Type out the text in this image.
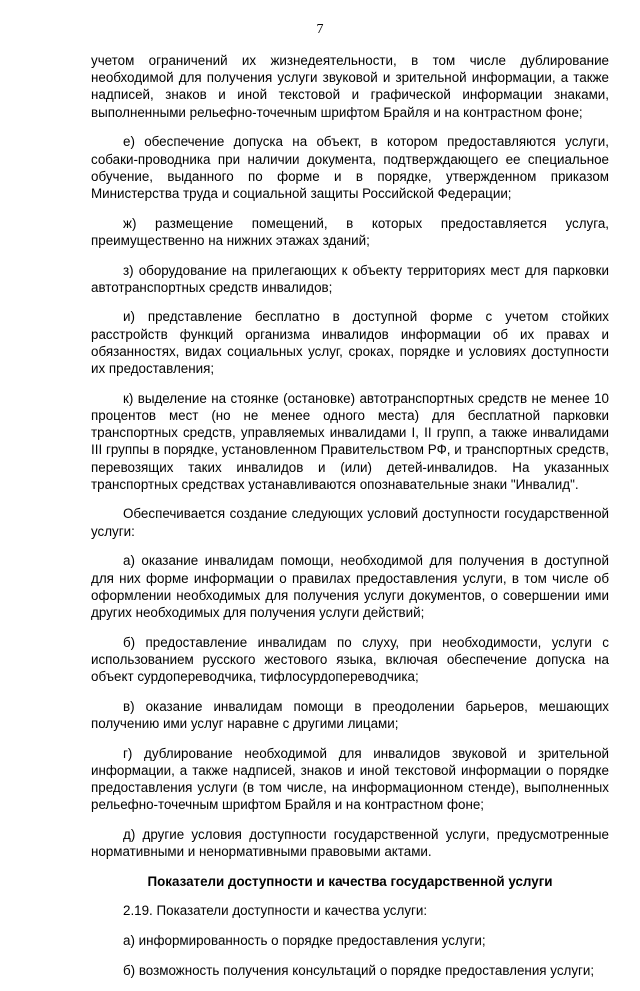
7

учетом ограничений их жизнедеятельности, в том числе дублирование необходимой для получения услуги звуковой и зрительной информации, а также надписей, знаков и иной текстовой и графической информации знаками, выполненными рельефно-точечным шрифтом Брайля и на контрастном фоне;

е) обеспечение допуска на объект, в котором предоставляются услуги, собаки-проводника при наличии документа, подтверждающего ее специальное обучение, выданного по форме и в порядке, утвержденном приказом Министерства труда и социальной защиты Российской Федерации;

ж) размещение помещений, в которых предоставляется услуга, преимущественно на нижних этажах зданий;

з) оборудование на прилегающих к объекту территориях мест для парковки автотранспортных средств инвалидов;

и) представление бесплатно в доступной форме с учетом стойких расстройств функций организма инвалидов информации об их правах и обязанностях, видах социальных услуг, сроках, порядке и условиях доступности их предоставления;

к) выделение на стоянке (остановке) автотранспортных средств не менее 10 процентов мест (но не менее одного места) для бесплатной парковки транспортных средств, управляемых инвалидами I, II групп, а также инвалидами III группы в порядке, установленном Правительством РФ, и транспортных средств, перевозящих таких инвалидов и (или) детей-инвалидов. На указанных транспортных средствах устанавливаются опознавательные знаки "Инвалид".

Обеспечивается создание следующих условий доступности государственной услуги:

а) оказание инвалидам помощи, необходимой для получения в доступной для них форме информации о правилах предоставления услуги, в том числе об оформлении необходимых для получения услуги документов, о совершении ими других необходимых для получения услуги действий;

б) предоставление инвалидам по слуху, при необходимости, услуги с использованием русского жестового языка, включая обеспечение допуска на объект сурдопереводчика, тифлосурдопереводчика;

в) оказание инвалидам помощи в преодолении барьеров, мешающих получению ими услуг наравне с другими лицами;

г) дублирование необходимой для инвалидов звуковой и зрительной информации, а также надписей, знаков и иной текстовой информации о порядке предоставления услуги (в том числе, на информационном стенде), выполненных рельефно-точечным шрифтом Брайля и на контрастном фоне;

д) другие условия доступности государственной услуги, предусмотренные нормативными и ненормативными правовыми актами.

Показатели доступности и качества государственной услуги

2.19. Показатели доступности и качества услуги:

а) информированность о порядке предоставления услуги;

б) возможность получения консультаций о порядке предоставления услуги;
